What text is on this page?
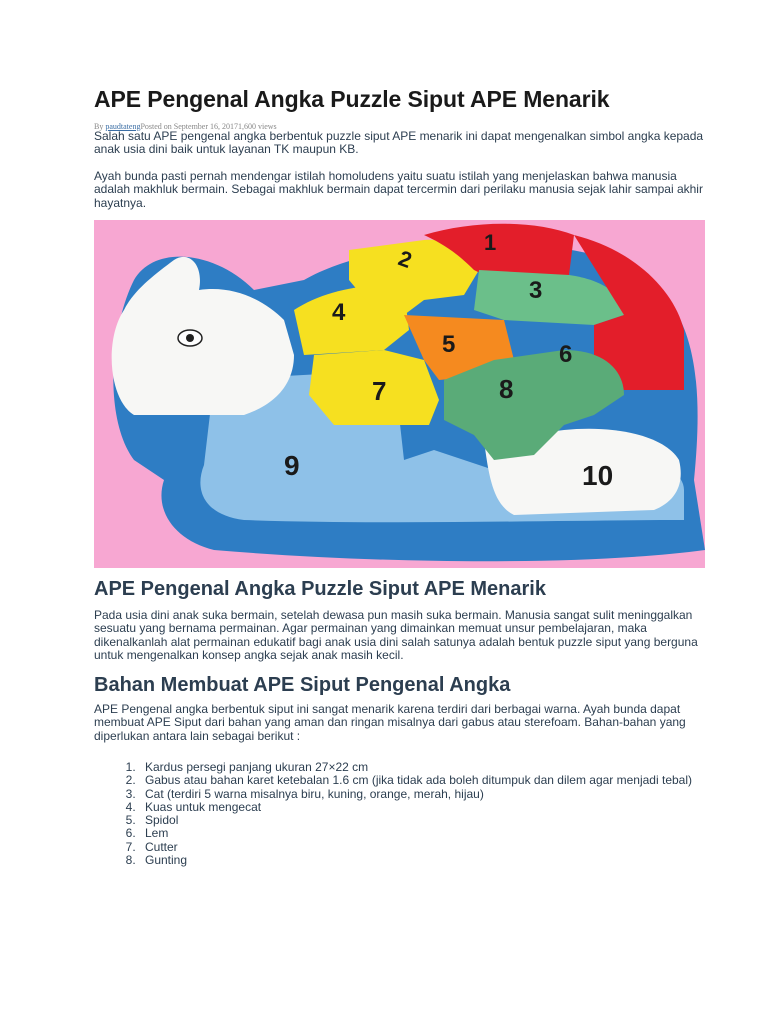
APE Pengenal Angka Puzzle Siput APE Menarik
By paudtatengPosted on September 16, 20171,600 views

Salah satu APE pengenal angka berbentuk puzzle siput APE menarik ini dapat mengenalkan simbol angka kepada anak usia dini baik untuk layanan TK maupun KB.

Ayah bunda pasti pernah mendengar istilah homoludens yaitu suatu istilah yang menjelaskan bahwa manusia adalah makhluk bermain. Sebagai makhluk bermain dapat tercermin dari perilaku manusia sejak lahir sampai akhir hayatnya.

1
2
3
4
5	6
7	8
9	10
APE Pengenal Angka Puzzle Siput APE Menarik

Pada usia dini anak suka bermain, setelah dewasa pun masih suka bermain. Manusia sangat sulit meninggalkan sesuatu yang bernama permainan. Agar permainan yang dimainkan memuat unsur pembelajaran, maka dikenalkanlah alat permainan edukatif bagi anak usia dini salah satunya adalah bentuk puzzle siput yang berguna untuk mengenalkan konsep angka sejak anak masih kecil.

Bahan Membuat APE Siput Pengenal Angka

APE Pengenal angka berbentuk siput ini sangat menarik karena terdiri dari berbagai warna. Ayah bunda dapat membuat APE Siput dari bahan yang aman dan ringan misalnya dari gabus atau sterefoam. Bahan-bahan yang diperlukan antara lain sebagai berikut :

1. Kardus persegi panjang ukuran 27×22 cm
2. Gabus atau bahan karet ketebalan 1.6 cm (jika tidak ada boleh ditumpuk dan dilem agar menjadi tebal)
3. Cat (terdiri 5 warna misalnya biru, kuning, orange, merah, hijau)
4. Kuas untuk mengecat
5. Spidol
6. Lem
7. Cutter
8. Gunting
